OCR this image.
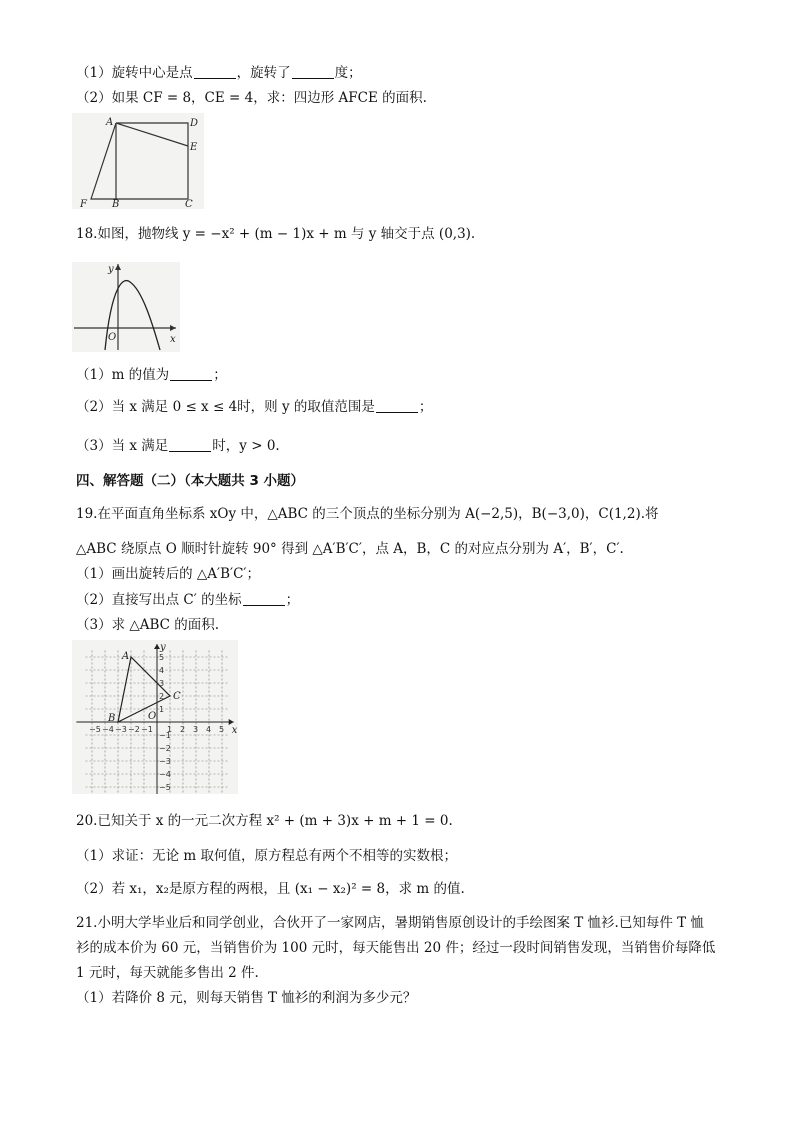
（1）旋转中心是点	，旋转了	度；
（2）如果 CF = 8，CE = 4，求：四边形 AFCE 的面积.
A	D
E
F	B	C
18.如图，抛物线 y = −x² + (m − 1)x + m 与 y 轴交于点 (0,3).
y
x
O
（1）m 的值为	；
（2）当 x 满足 0 ≤ x ≤ 4时，则 y 的取值范围是	；
（3）当 x 满足	时，y > 0.
四、解答题（二）（本大题共 3 小题）
19.在平面直角坐标系 xOy 中，△ABC 的三个顶点的坐标分别为 A(−2,5)，B(−3,0)，C(1,2).将
△ABC 绕原点 O 顺时针旋转 90° 得到 △A′B′C′，点 A，B，C 的对应点分别为 A′，B′，C′.
（1）画出旋转后的 △A′B′C′；
（2）直接写出点 C′ 的坐标	；
（3）求 △ABC 的面积.
−5 −4 −3 −2 −1 1 2 3 4 5
5
4
3
2
1
−1
−2
−3
−4
−5
A
B
C
O
y
x
20.已知关于 x 的一元二次方程 x² + (m + 3)x + m + 1 = 0.
（1）求证：无论 m 取何值，原方程总有两个不相等的实数根；
（2）若 x₁，x₂是原方程的两根，且 (x₁ − x₂)² = 8，求 m 的值.
21.小明大学毕业后和同学创业，合伙开了一家网店，暑期销售原创设计的手绘图案 T 恤衫.已知每件 T 恤
衫的成本价为 60 元，当销售价为 100 元时，每天能售出 20 件；经过一段时间销售发现，当销售价每降低
1 元时，每天就能多售出 2 件.
（1）若降价 8 元，则每天销售 T 恤衫的利润为多少元？
